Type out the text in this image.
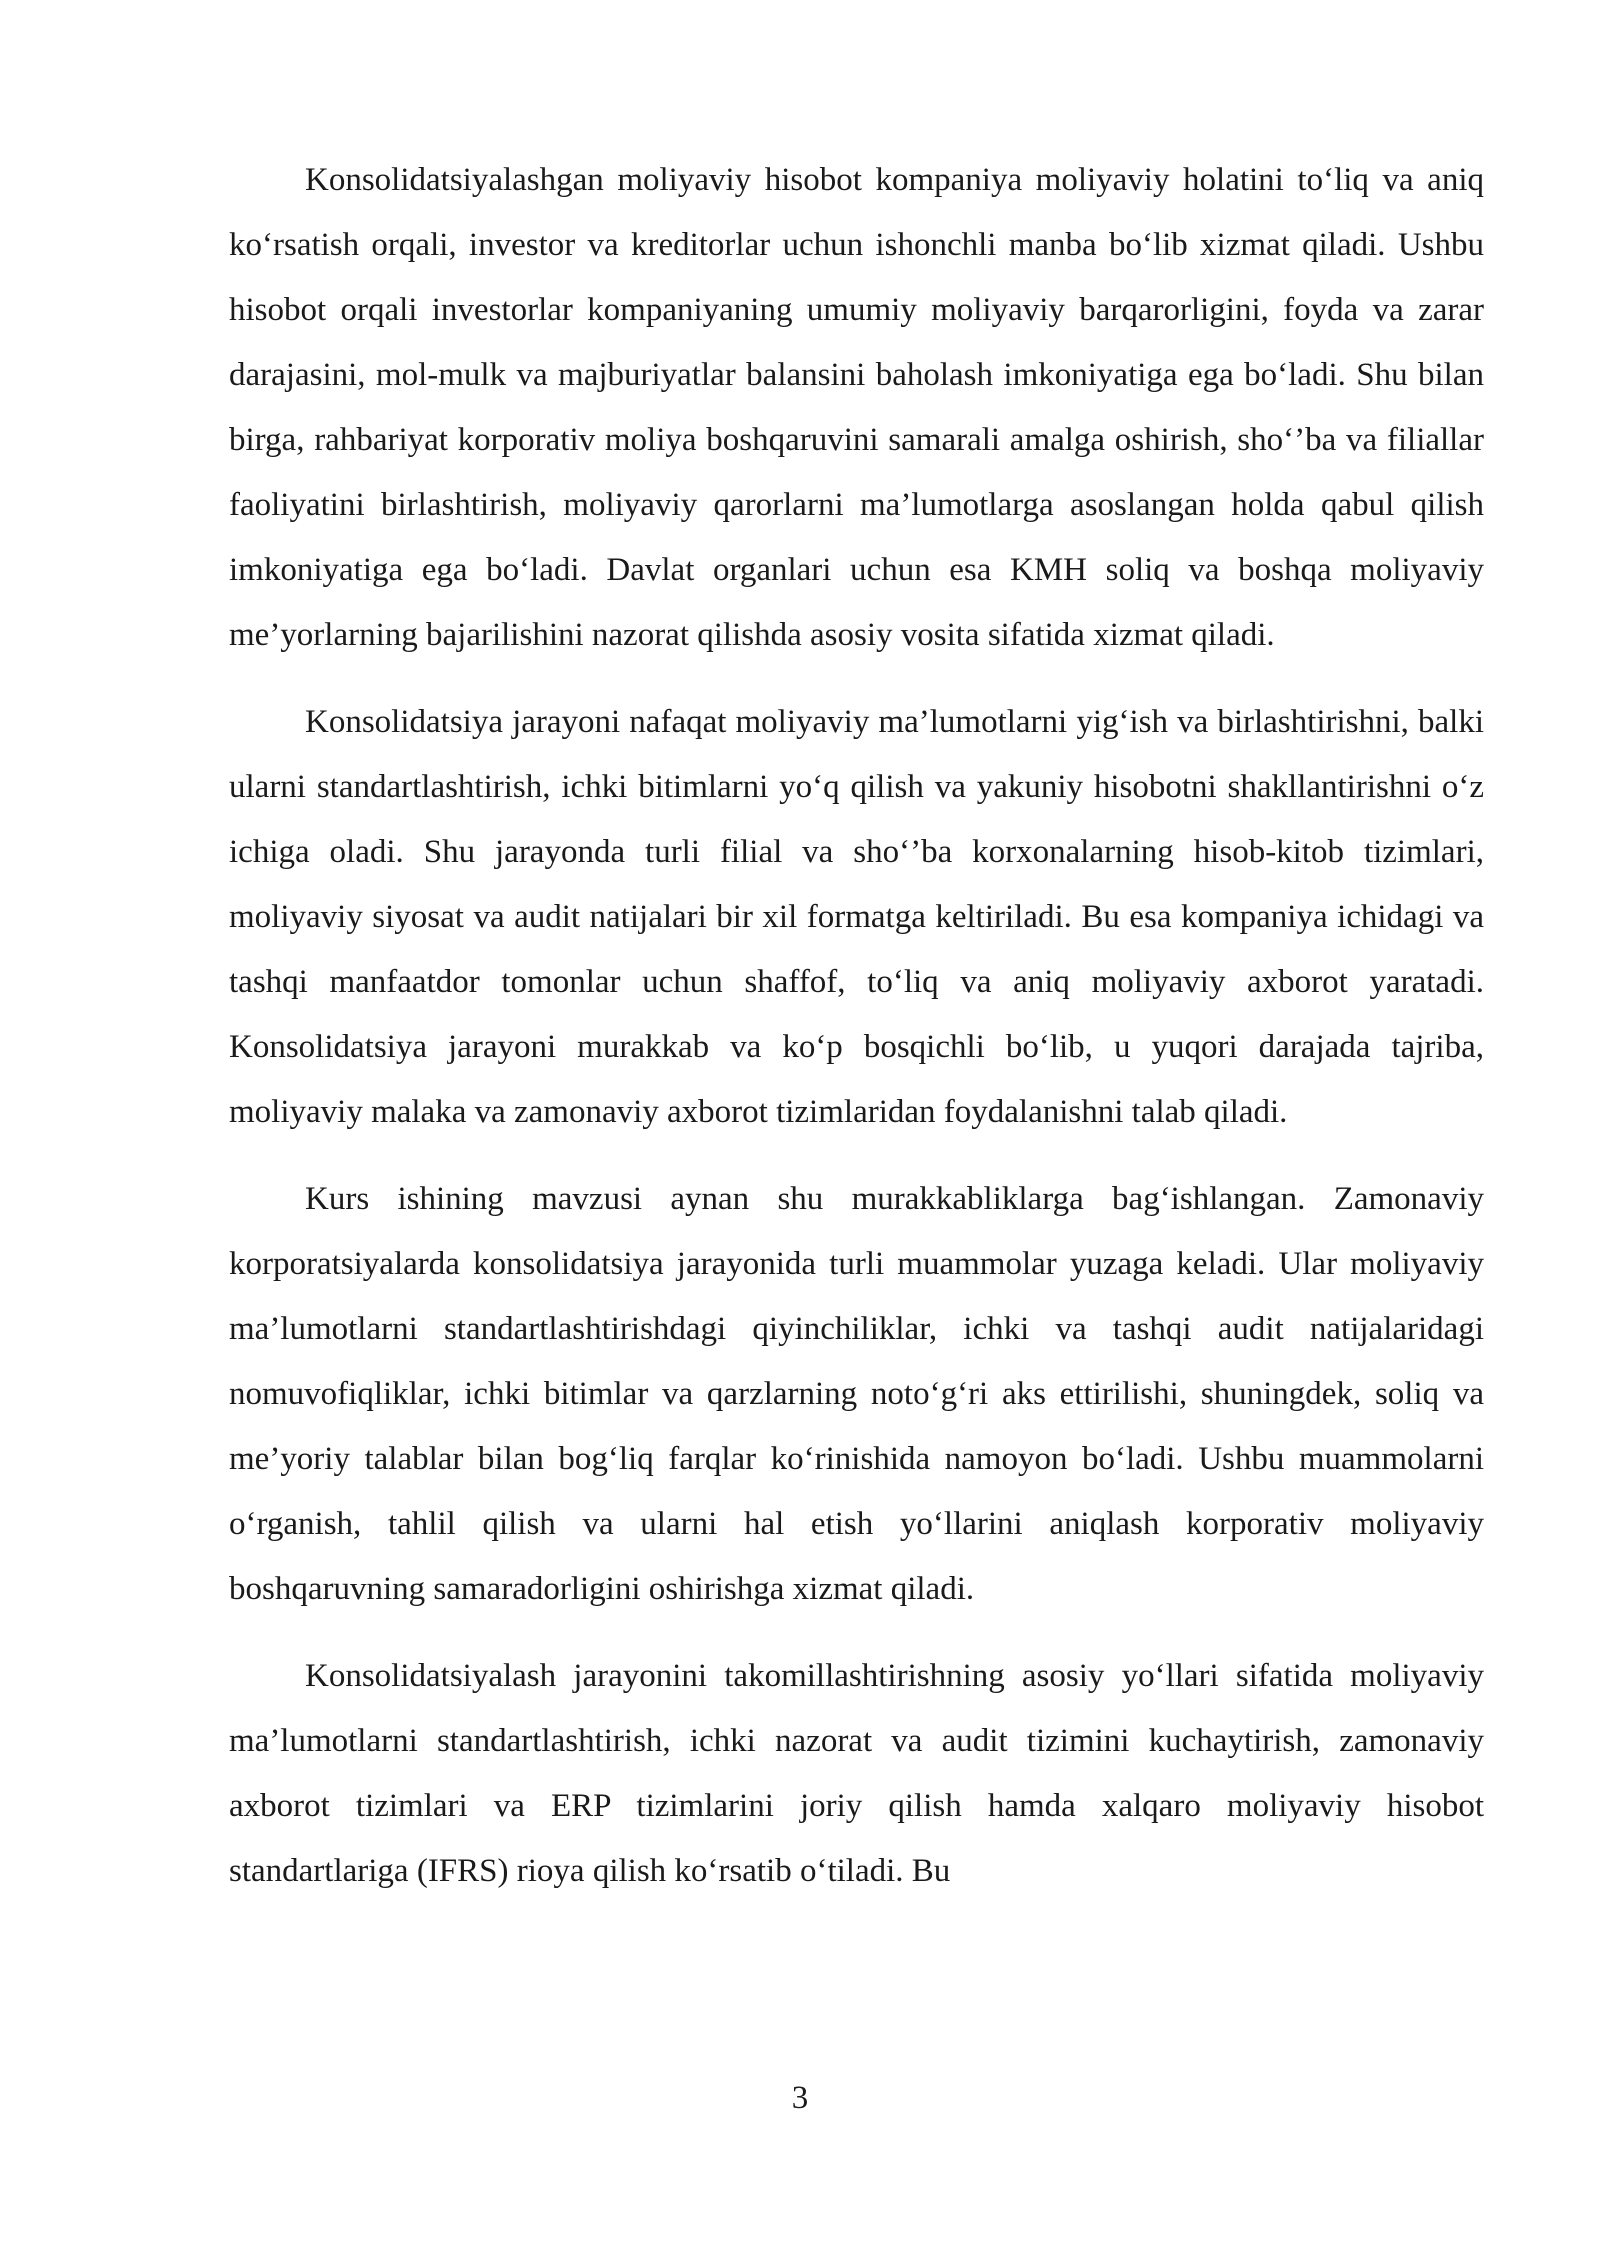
Konsolidatsiyalashgan moliyaviy hisobot kompaniya moliyaviy holatini to‘liq va aniq ko‘rsatish orqali, investor va kreditorlar uchun ishonchli manba bo‘lib xizmat qiladi. Ushbu hisobot orqali investorlar kompaniyaning umumiy moliyaviy barqarorligini, foyda va zarar darajasini, mol-mulk va majburiyatlar balansini baholash imkoniyatiga ega bo‘ladi. Shu bilan birga, rahbariyat korporativ moliya boshqaruvini samarali amalga oshirish, sho‘’ba va filiallar faoliyatini birlashtirish, moliyaviy qarorlarni ma’lumotlarga asoslangan holda qabul qilish imkoniyatiga ega bo‘ladi. Davlat organlari uchun esa KMH soliq va boshqa moliyaviy me’yorlarning bajarilishini nazorat qilishda asosiy vosita sifatida xizmat qiladi.

Konsolidatsiya jarayoni nafaqat moliyaviy ma’lumotlarni yig‘ish va birlashtirishni, balki ularni standartlashtirish, ichki bitimlarni yo‘q qilish va yakuniy hisobotni shakllantirishni o‘z ichiga oladi. Shu jarayonda turli filial va sho‘’ba korxonalarning hisob-kitob tizimlari, moliyaviy siyosat va audit natijalari bir xil formatga keltiriladi. Bu esa kompaniya ichidagi va tashqi manfaatdor tomonlar uchun shaffof, to‘liq va aniq moliyaviy axborot yaratadi. Konsolidatsiya jarayoni murakkab va ko‘p bosqichli bo‘lib, u yuqori darajada tajriba, moliyaviy malaka va zamonaviy axborot tizimlaridan foydalanishni talab qiladi.

Kurs ishining mavzusi aynan shu murakkabliklarga bag‘ishlangan. Zamonaviy korporatsiyalarda konsolidatsiya jarayonida turli muammolar yuzaga keladi. Ular moliyaviy ma’lumotlarni standartlashtirishdagi qiyinchiliklar, ichki va tashqi audit natijalaridagi nomuvofiqliklar, ichki bitimlar va qarzlarning noto‘g‘ri aks ettirilishi, shuningdek, soliq va me’yoriy talablar bilan bog‘liq farqlar ko‘rinishida namoyon bo‘ladi. Ushbu muammolarni o‘rganish, tahlil qilish va ularni hal etish yo‘llarini aniqlash korporativ moliyaviy boshqaruvning samaradorligini oshirishga xizmat qiladi.

Konsolidatsiyalash jarayonini takomillashtirishning asosiy yo‘llari sifatida moliyaviy ma’lumotlarni standartlashtirish, ichki nazorat va audit tizimini kuchaytirish, zamonaviy axborot tizimlari va ERP tizimlarini joriy qilish hamda xalqaro moliyaviy hisobot standartlariga (IFRS) rioya qilish ko‘rsatib o‘tiladi. Bu

3
